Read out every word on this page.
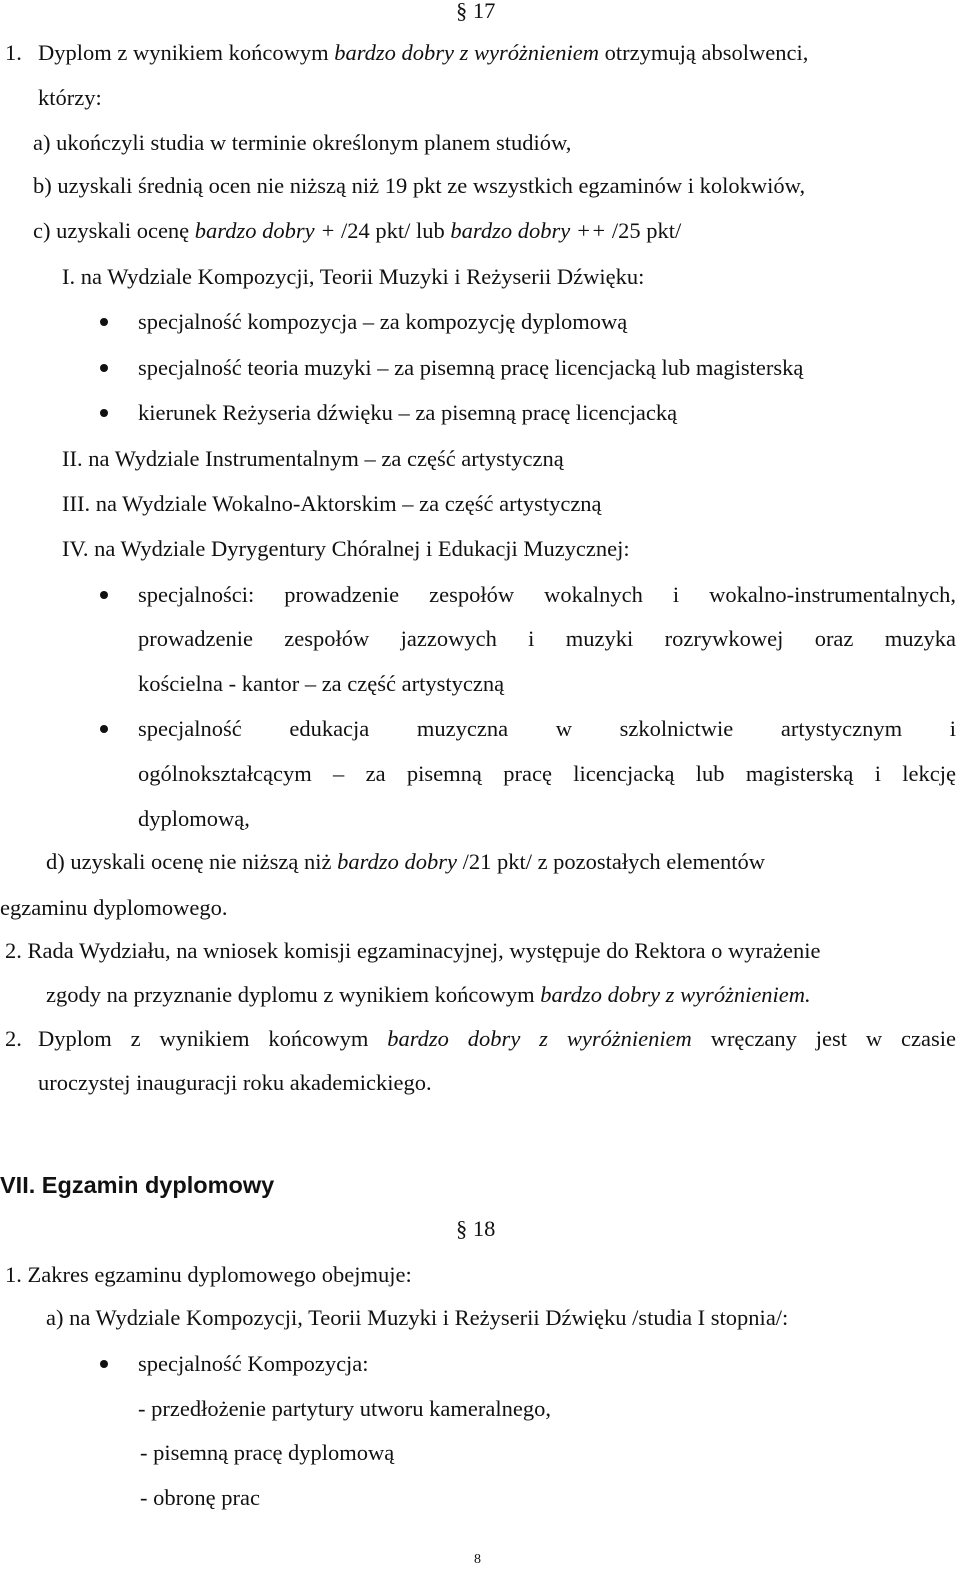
§ 17
1. Dyplom z wynikiem końcowym bardzo dobry z wyróżnieniem otrzymują absolwenci,
którzy:
a) ukończyli studia w terminie określonym planem studiów,
b) uzyskali średnią ocen nie niższą niż 19 pkt ze wszystkich egzaminów i kolokwiów,
c) uzyskali ocenę bardzo dobry + /24 pkt/ lub bardzo dobry ++ /25 pkt/
I. na Wydziale Kompozycji, Teorii Muzyki i Reżyserii Dźwięku:
specjalność kompozycja – za kompozycję dyplomową
specjalność teoria muzyki – za pisemną pracę licencjacką lub magisterską
kierunek Reżyseria dźwięku – za pisemną pracę licencjacką
II. na Wydziale Instrumentalnym – za część artystyczną
III. na Wydziale Wokalno-Aktorskim – za część artystyczną
IV. na Wydziale Dyrygentury Chóralnej i Edukacji Muzycznej:
specjalności: prowadzenie zespołów wokalnych i wokalno-instrumentalnych,
prowadzenie zespołów jazzowych i muzyki rozrywkowej oraz muzyka
kościelna - kantor – za część artystyczną
specjalność edukacja muzyczna w szkolnictwie artystycznym i
ogólnokształcącym – za pisemną pracę licencjacką lub magisterską i lekcję
dyplomową,
d) uzyskali ocenę nie niższą niż bardzo dobry /21 pkt/ z pozostałych elementów
egzaminu dyplomowego.
2. Rada Wydziału, na wniosek komisji egzaminacyjnej, występuje do Rektora o wyrażenie
zgody na przyznanie dyplomu z wynikiem końcowym bardzo dobry z wyróżnieniem.
2. Dyplom z wynikiem końcowym bardzo dobry z wyróżnieniem wręczany jest w czasie
uroczystej inauguracji roku akademickiego.
VII. Egzamin dyplomowy
§ 18
1. Zakres egzaminu dyplomowego obejmuje:
a) na Wydziale Kompozycji, Teorii Muzyki i Reżyserii Dźwięku /studia I stopnia/:
specjalność Kompozycja:
- przedłożenie partytury utworu kameralnego,
- pisemną pracę dyplomową
- obronę prac
8
